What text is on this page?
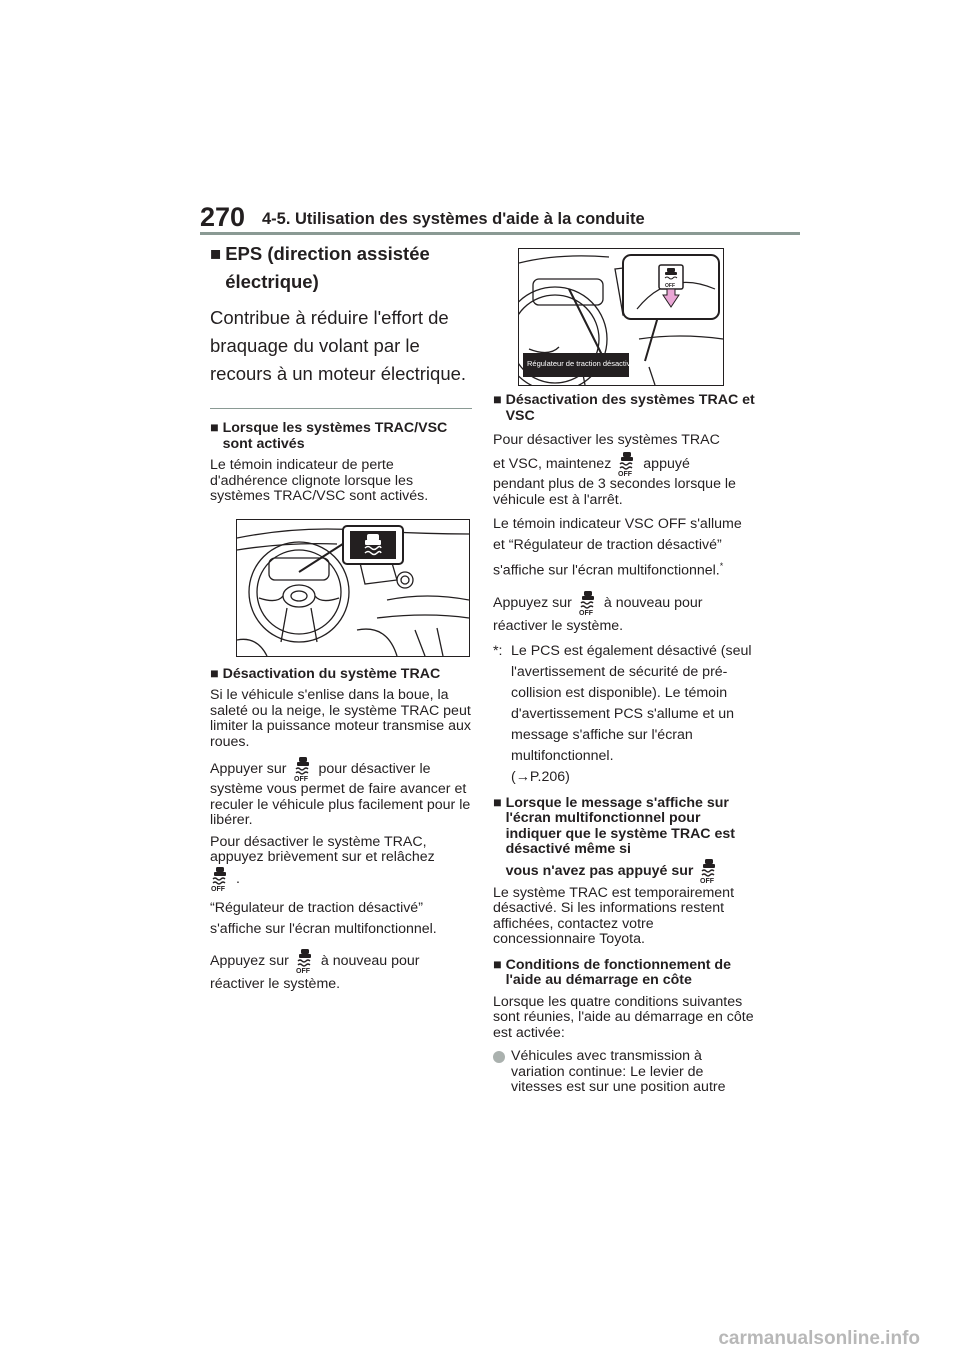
270 4-5. Utilisation des systèmes d'aide à la conduite
■ EPS (direction assistée
électrique)

Contribue à réduire l'effort de braquage du volant par le recours à un moteur électrique.

■ Lorsque les systèmes TRAC/VSC sont activés

Le témoin indicateur de perte d'adhérence clignote lorsque les systèmes TRAC/VSC sont activés.

■ Désactivation du système TRAC

Si le véhicule s'enlise dans la boue, la saleté ou la neige, le système TRAC peut limiter la puissance moteur transmise aux roues.

Appuyer sur
OFF
pour désactiver le
système vous permet de faire avancer et reculer le véhicule plus facilement pour le libérer.

Pour désactiver le système TRAC, appuyez brièvement sur et relâchez

OFF
.

“Régulateur de traction désactivé” s'affiche sur l'écran multifonctionnel.

Appuyez sur
OFF
à nouveau pour
réactiver le système.

OFF
Régulateur de traction désactivé
■ Désactivation des systèmes TRAC et VSC

Pour désactiver les systèmes TRAC

et VSC, maintenez
OFF
appuyé

pendant plus de 3 secondes lorsque le véhicule est à l'arrêt.

Le témoin indicateur VSC OFF s'allume et “Régulateur de traction désactivé” s'affiche sur l'écran multifonctionnel.*

Appuyez sur
OFF
à nouveau pour
réactiver le système.

*: Le PCS est également désactivé (seul l'avertissement de sécurité de pré-collision est disponible). Le témoin d'avertissement PCS s'allume et un message s'affiche sur l'écran multifonctionnel.
(→P.206)
■ Lorsque le message s'affiche sur l'écran multifonctionnel pour indiquer que le système TRAC est désactivé même si
vous n'avez pas appuyé sur
OFF

Le système TRAC est temporairement désactivé. Si les informations restent affichées, contactez votre concessionnaire Toyota.

■ Conditions de fonctionnement de l'aide au démarrage en côte

Lorsque les quatre conditions suivantes sont réunies, l'aide au démarrage en côte est activée:

Véhicules avec transmission à variation continue: Le levier de vitesses est sur une position autre
carmanualsonline.info
